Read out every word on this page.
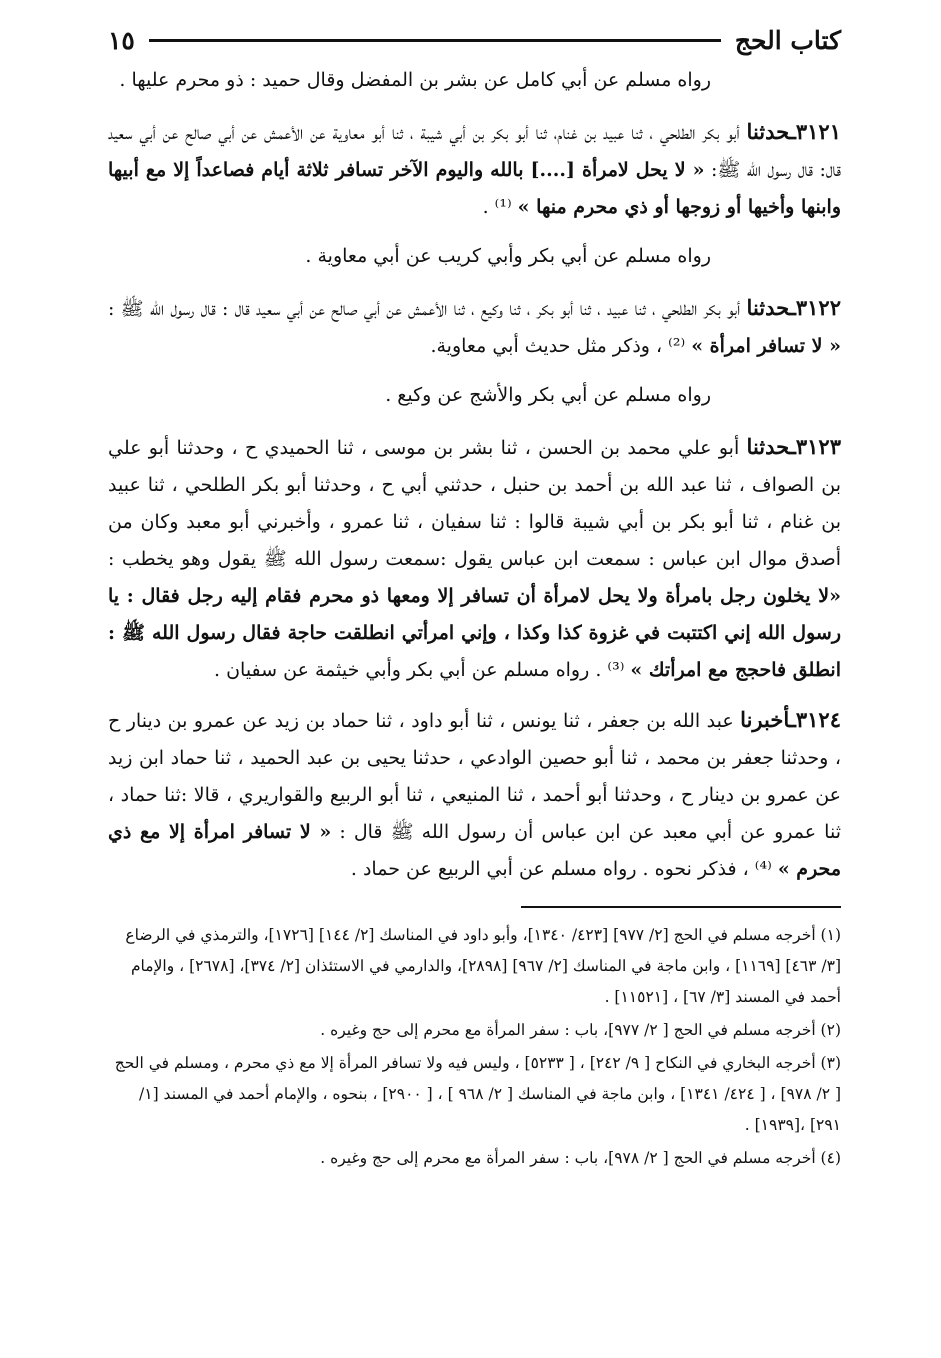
كتاب الحج
١٥

رواه مسلم عن أبي كامل عن بشر بن المفضل وقال حميد : ذو محرم عليها .

٣١٢١ـحدثنا أبو بكر الطلحي ، ثنا عبيد بن غنام، ثنا أبو بكر بن أبي شيبة ، ثنا أبو معاوية عن الأعمش عن أبي صالح عن أبي سعيد قال: قال رسول الله ﷺ: « لا يحل لامرأة [....] بالله واليوم الآخر تسافر ثلاثة أيام فصاعداً إلا مع أبيها وابنها وأخيها أو زوجها أو ذي محرم منها » ⁽¹⁾ .

رواه مسلم عن أبي بكر وأبي كريب عن أبي معاوية .

٣١٢٢ـحدثنا أبو بكر الطلحي ، ثنا عبيد ، ثنا أبو بكر ، ثنا وكيع ، ثنا الأعمش عن أبي صالح عن أبي سعيد قال : قال رسول الله ﷺ : « لا تسافر امرأة » ⁽²⁾ ، وذكر مثل حديث أبي معاوية.

رواه مسلم عن أبي بكر والأشج عن وكيع .

٣١٢٣ـحدثنا أبو علي محمد بن الحسن ، ثنا بشر بن موسى ، ثنا الحميدي ح ، وحدثنا أبو علي بن الصواف ، ثنا عبد الله بن أحمد بن حنبل ، حدثني أبي ح ، وحدثنا أبو بكر الطلحي ، ثنا عبيد بن غنام ، ثنا أبو بكر بن أبي شيبة قالوا : ثنا سفيان ، ثنا عمرو ، وأخبرني أبو معبد وكان من أصدق موال ابن عباس : سمعت ابن عباس يقول :سمعت رسول الله ﷺ يقول وهو يخطب : «لا يخلون رجل بامرأة ولا يحل لامرأة أن تسافر إلا ومعها ذو محرم فقام إليه رجل فقال : يا رسول الله إني اكتتبت في غزوة كذا وكذا ، وإني امرأتي انطلقت حاجة فقال رسول الله ﷺ : انطلق فاحجج مع امرأتك » ⁽³⁾ . رواه مسلم عن أبي بكر وأبي خيثمة عن سفيان .

٣١٢٤ـأخبرنا عبد الله بن جعفر ، ثنا يونس ، ثنا أبو داود ، ثنا حماد بن زيد عن عمرو بن دينار ح ، وحدثنا جعفر بن محمد ، ثنا أبو حصين الوادعي ، حدثنا يحيى بن عبد الحميد ، ثنا حماد ابن زيد عن عمرو بن دينار ح ، وحدثنا أبو أحمد ، ثنا المنيعي ، ثنا أبو الربيع والقواريري ، قالا :ثنا حماد ، ثنا عمرو عن أبي معبد عن ابن عباس أن رسول الله ﷺ قال : « لا تسافر امرأة إلا مع ذي محرم » ⁽⁴⁾ ، فذكر نحوه . رواه مسلم عن أبي الربيع عن حماد .

(١) أخرجه مسلم في الحج [٢/ ٩٧٧] [٤٢٣/ ١٣٤٠]، وأبو داود في المناسك [٢/ ١٤٤] [١٧٢٦]، والترمذي في الرضاع [٣/ ٤٦٣] [١١٦٩] ، وابن ماجة في المناسك [٢/ ٩٦٧] [٢٨٩٨]، والدارمي في الاستئذان [٢/ ٣٧٤]، [٢٦٧٨] ، والإمام أحمد في المسند [٣/ ٦٧] ، [١١٥٢١] .

(٢) أخرجه مسلم في الحج [ ٢/ ٩٧٧]، باب : سفر المرأة مع محرم إلى حج وغيره .

(٣) أخرجه البخاري في النكاح [ ٩/ ٢٤٢] ، [ ٥٢٣٣] ، وليس فيه ولا تسافر المرأة إلا مع ذي محرم ، ومسلم في الحج [ ٢/ ٩٧٨] ، [ ٤٢٤/ ١٣٤١] ، وابن ماجة في المناسك [ ٢/ ٩٦٨ ] ، [ ٢٩٠٠] ، بنحوه ، والإمام أحمد في المسند [١/ ٢٩١] ،[١٩٣٩] .

(٤) أخرجه مسلم في الحج [ ٢/ ٩٧٨]، باب : سفر المرأة مع محرم إلى حج وغيره .
